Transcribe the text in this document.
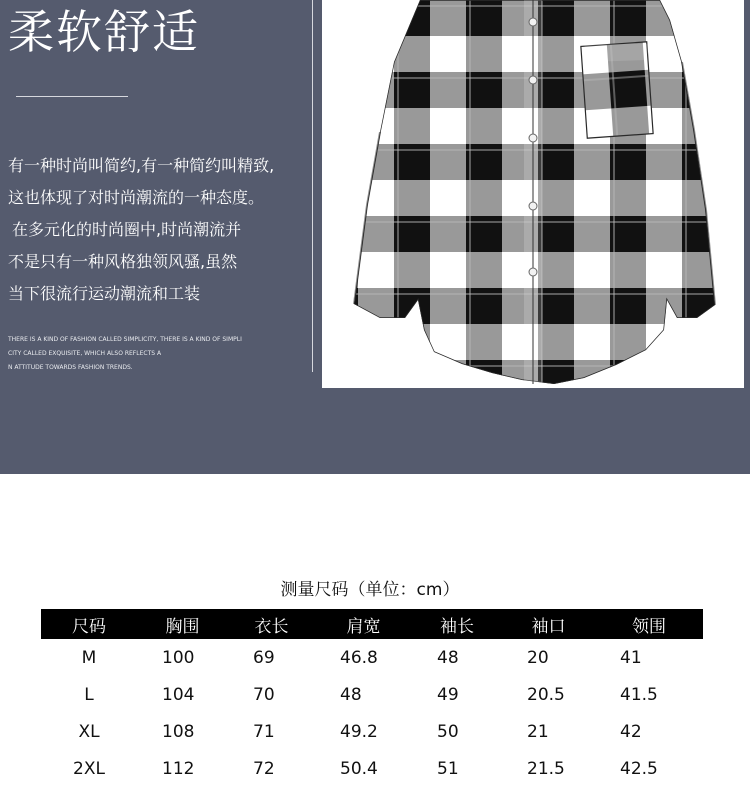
柔软舒适
有一种时尚叫简约,有一种简约叫精致,
这也体现了对时尚潮流的一种态度。
在多元化的时尚圈中,时尚潮流并
不是只有一种风格独领风骚,虽然
当下很流行运动潮流和工装
THERE IS A KIND OF FASHION CALLED SIMPLICITY, THERE IS A KIND OF SIMPLI
CITY CALLED EXQUISITE, WHICH ALSO REFLECTS A
N ATTITUDE TOWARDS FASHION TRENDS.
测量尺码（单位：cm）
尺码	胸围	衣长	肩宽	袖长	袖口	领围
M	100	69	46.8	48	20	41
L	104	70	48	49	20.5	41.5
XL	108	71	49.2	50	21	42
2XL	112	72	50.4	51	21.5	42.5
